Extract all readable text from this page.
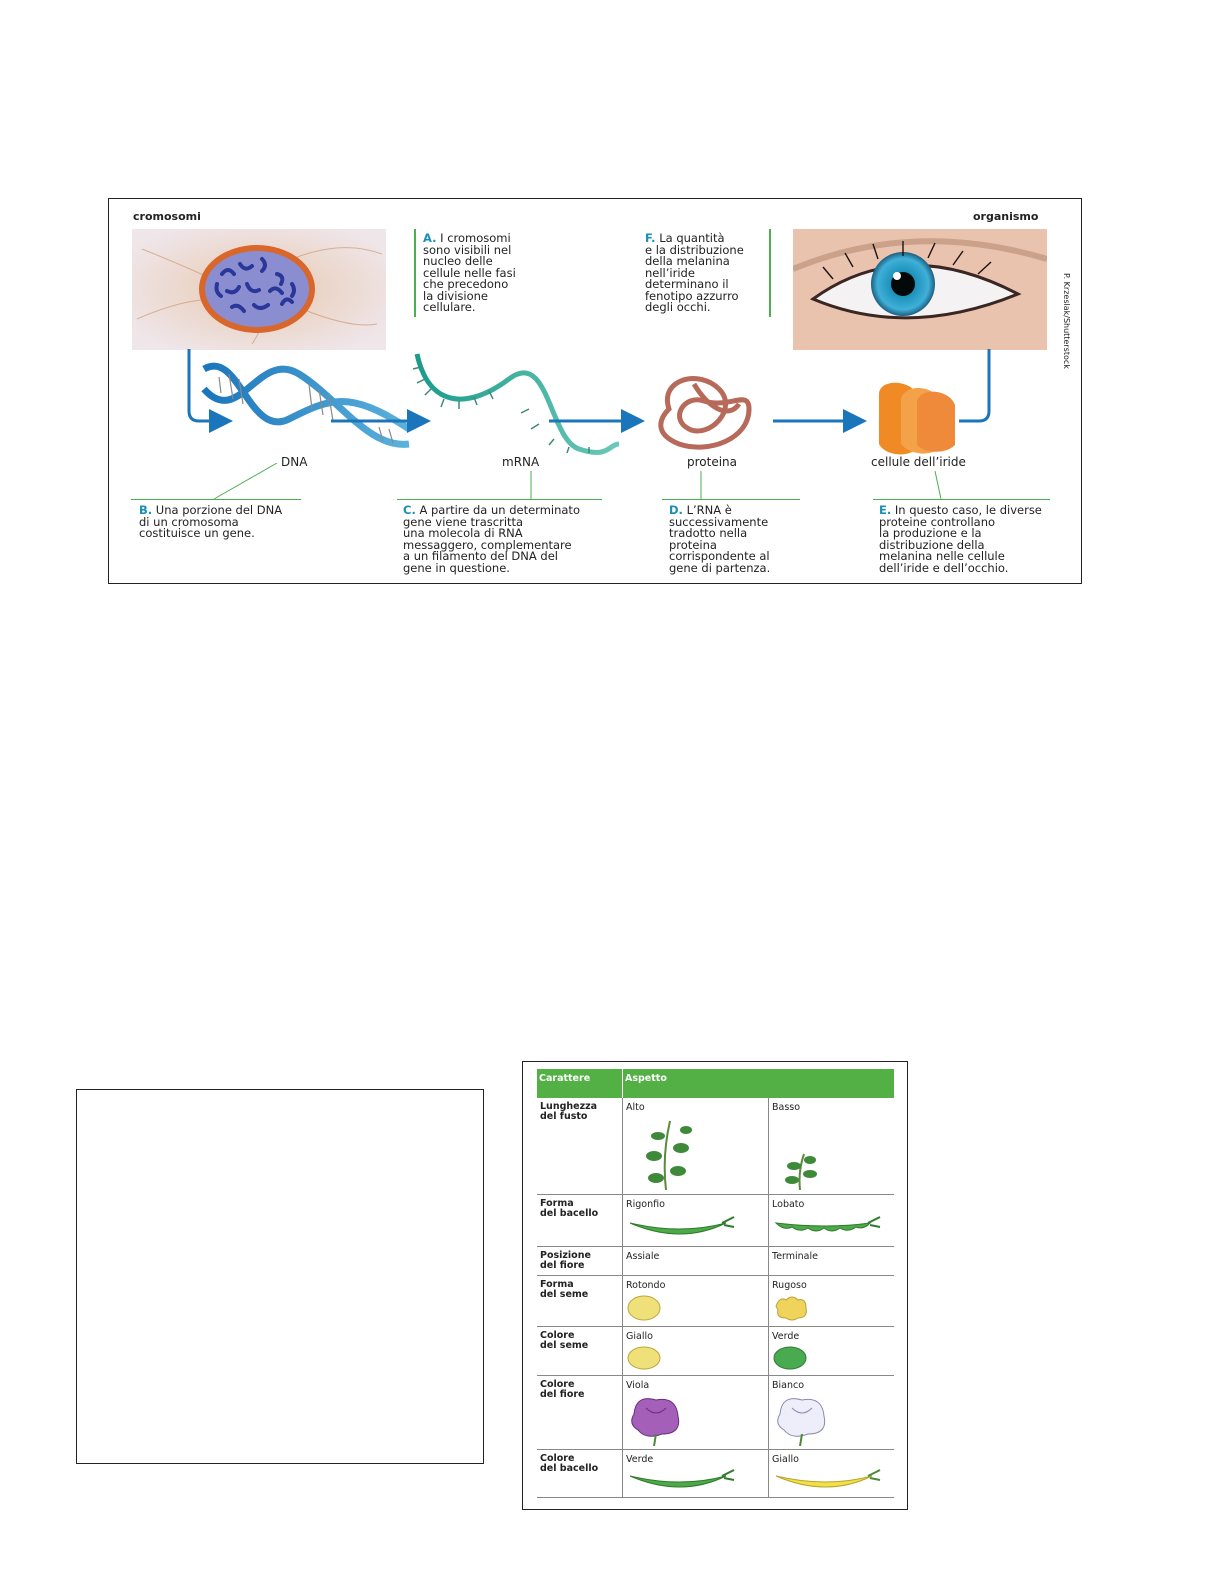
cromosomi	organismo
A. I cromosomi
sono visibili nel
nucleo delle
cellule nelle fasi
che precedono
la divisione
cellulare.
F. La quantità
e la distribuzione
della melanina
nell’iride
determinano il
fenotipo azzurro
degli occhi.	P. Krzeslak/Shutterstock
DNA	mRNA	proteina	cellule dell’iride
B. Una porzione del DNA
di un cromosoma
costituisce un gene.
C. A partire da un determinato
gene viene trascritta
una molecola di RNA
messaggero, complementare
a un filamento del DNA del
gene in questione.
D. L’RNA è
successivamente
tradotto nella
proteina
corrispondente al
gene di partenza.
E. In questo caso, le diverse
proteine controllano
la produzione e la
distribuzione della
melanina nelle cellule
dell’iride e dell’occhio.
Carattere	Aspetto	
Lunghezza
del fusto	Alto	Basso

Forma
del bacello	Rigonfio	Lobato

Posizione
del fiore	Assiale	Terminale
Forma
del seme	Rotondo	Rugoso

Colore
del seme	Giallo	Verde

Colore
del fiore	Viola	Bianco

Colore
del bacello	Verde	Giallo
